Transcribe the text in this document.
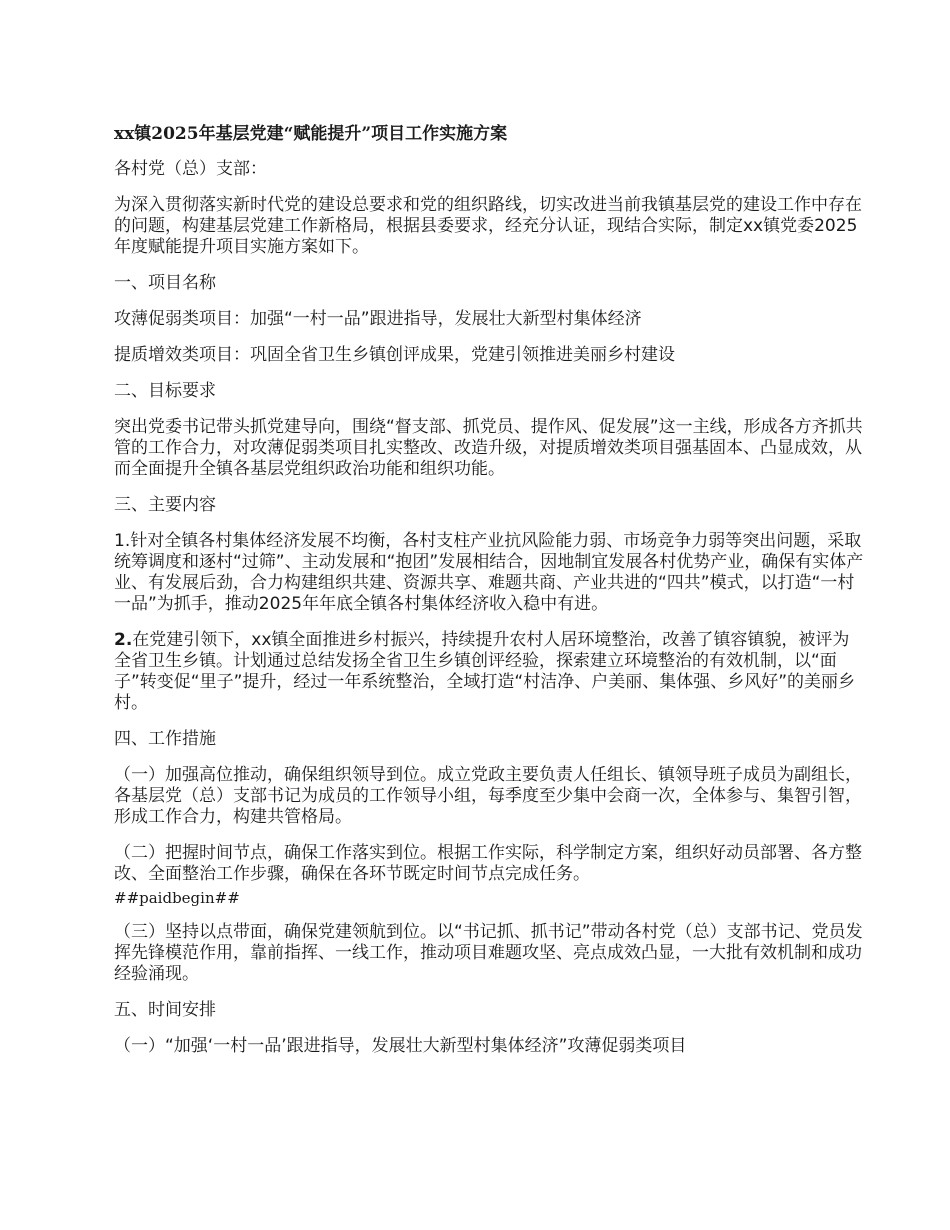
xx镇2025年基层党建“赋能提升”项目工作实施方案

各村党（总）支部：

为深入贯彻落实新时代党的建设总要求和党的组织路线，切实改进当前我镇基层党的建设工作中存在的问题，构建基层党建工作新格局，根据县委要求，经充分认证，现结合实际，制定xx镇党委2025年度赋能提升项目实施方案如下。

一、项目名称

攻薄促弱类项目：加强“一村一品”跟进指导，发展壮大新型村集体经济

提质增效类项目：巩固全省卫生乡镇创评成果，党建引领推进美丽乡村建设

二、目标要求

突出党委书记带头抓党建导向，围绕“督支部、抓党员、提作风、促发展”这一主线，形成各方齐抓共管的工作合力，对攻薄促弱类项目扎实整改、改造升级，对提质增效类项目强基固本、凸显成效，从而全面提升全镇各基层党组织政治功能和组织功能。

三、主要内容

1.针对全镇各村集体经济发展不均衡，各村支柱产业抗风险能力弱、市场竞争力弱等突出问题，采取统筹调度和逐村“过筛”、主动发展和“抱团”发展相结合，因地制宜发展各村优势产业，确保有实体产业、有发展后劲，合力构建组织共建、资源共享、难题共商、产业共进的“四共”模式，以打造“一村一品”为抓手，推动2025年年底全镇各村集体经济收入稳中有进。

2.在党建引领下，xx镇全面推进乡村振兴，持续提升农村人居环境整治，改善了镇容镇貌，被评为全省卫生乡镇。计划通过总结发扬全省卫生乡镇创评经验，探索建立环境整治的有效机制，以“面子”转变促“里子”提升，经过一年系统整治，全域打造“村洁净、户美丽、集体强、乡风好”的美丽乡村。

四、工作措施

（一）加强高位推动，确保组织领导到位。成立党政主要负责人任组长、镇领导班子成员为副组长，各基层党（总）支部书记为成员的工作领导小组，每季度至少集中会商一次，全体参与、集智引智，形成工作合力，构建共管格局。

（二）把握时间节点，确保工作落实到位。根据工作实际，科学制定方案，组织好动员部署、各方整改、全面整治工作步骤，确保在各环节既定时间节点完成任务。

##paidbegin##

（三）坚持以点带面，确保党建领航到位。以“书记抓、抓书记”带动各村党（总）支部书记、党员发挥先锋模范作用，靠前指挥、一线工作，推动项目难题攻坚、亮点成效凸显，一大批有效机制和成功经验涌现。

五、时间安排

（一）“加强‘一村一品’跟进指导，发展壮大新型村集体经济”攻薄促弱类项目
